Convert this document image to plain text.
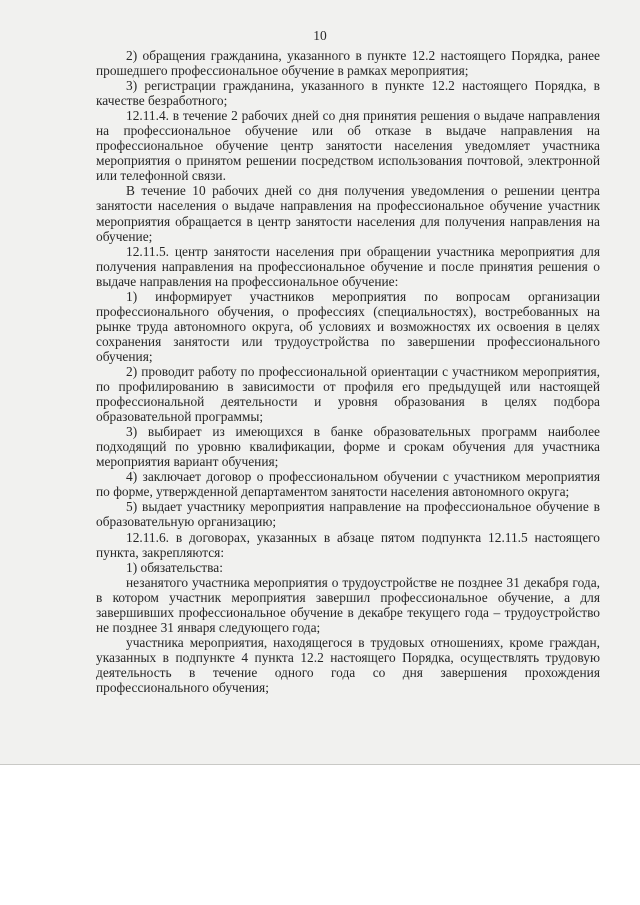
10

2) обращения гражданина, указанного в пункте 12.2 настоящего Порядка, ранее прошедшего профессиональное обучение в рамках мероприятия;

3) регистрации гражданина, указанного в пункте 12.2 настоящего Порядка, в качестве безработного;

12.11.4. в течение 2 рабочих дней со дня принятия решения о выдаче направления на профессиональное обучение или об отказе в выдаче направления на профессиональное обучение центр занятости населения уведомляет участника мероприятия о принятом решении посредством использования почтовой, электронной или телефонной связи.

В течение 10 рабочих дней со дня получения уведомления о решении центра занятости населения о выдаче направления на профессиональное обучение участник мероприятия обращается в центр занятости населения для получения направления на обучение;

12.11.5. центр занятости населения при обращении участника мероприятия для получения направления на профессиональное обучение и после принятия решения о выдаче направления на профессиональное обучение:

1) информирует участников мероприятия по вопросам организации профессионального обучения, о профессиях (специальностях), востребованных на рынке труда автономного округа, об условиях и возможностях их освоения в целях сохранения занятости или трудоустройства по завершении профессионального обучения;

2) проводит работу по профессиональной ориентации с участником мероприятия, по профилированию в зависимости от профиля его предыдущей или настоящей профессиональной деятельности и уровня образования в целях подбора образовательной программы;

3) выбирает из имеющихся в банке образовательных программ наиболее подходящий по уровню квалификации, форме и срокам обучения для участника мероприятия вариант обучения;

4) заключает договор о профессиональном обучении с участником мероприятия по форме, утвержденной департаментом занятости населения автономного округа;

5) выдает участнику мероприятия направление на профессиональное обучение в образовательную организацию;

12.11.6. в договорах, указанных в абзаце пятом подпункта 12.11.5 настоящего пункта, закрепляются:

1) обязательства:

незанятого участника мероприятия о трудоустройстве не позднее 31 декабря года, в котором участник мероприятия завершил профессиональное обучение, а для завершивших профессиональное обучение в декабре текущего года – трудоустройство не позднее 31 января следующего года;

участника мероприятия, находящегося в трудовых отношениях, кроме граждан, указанных в подпункте 4 пункта 12.2 настоящего Порядка, осуществлять трудовую деятельность в течение одного года со дня завершения прохождения профессионального обучения;
